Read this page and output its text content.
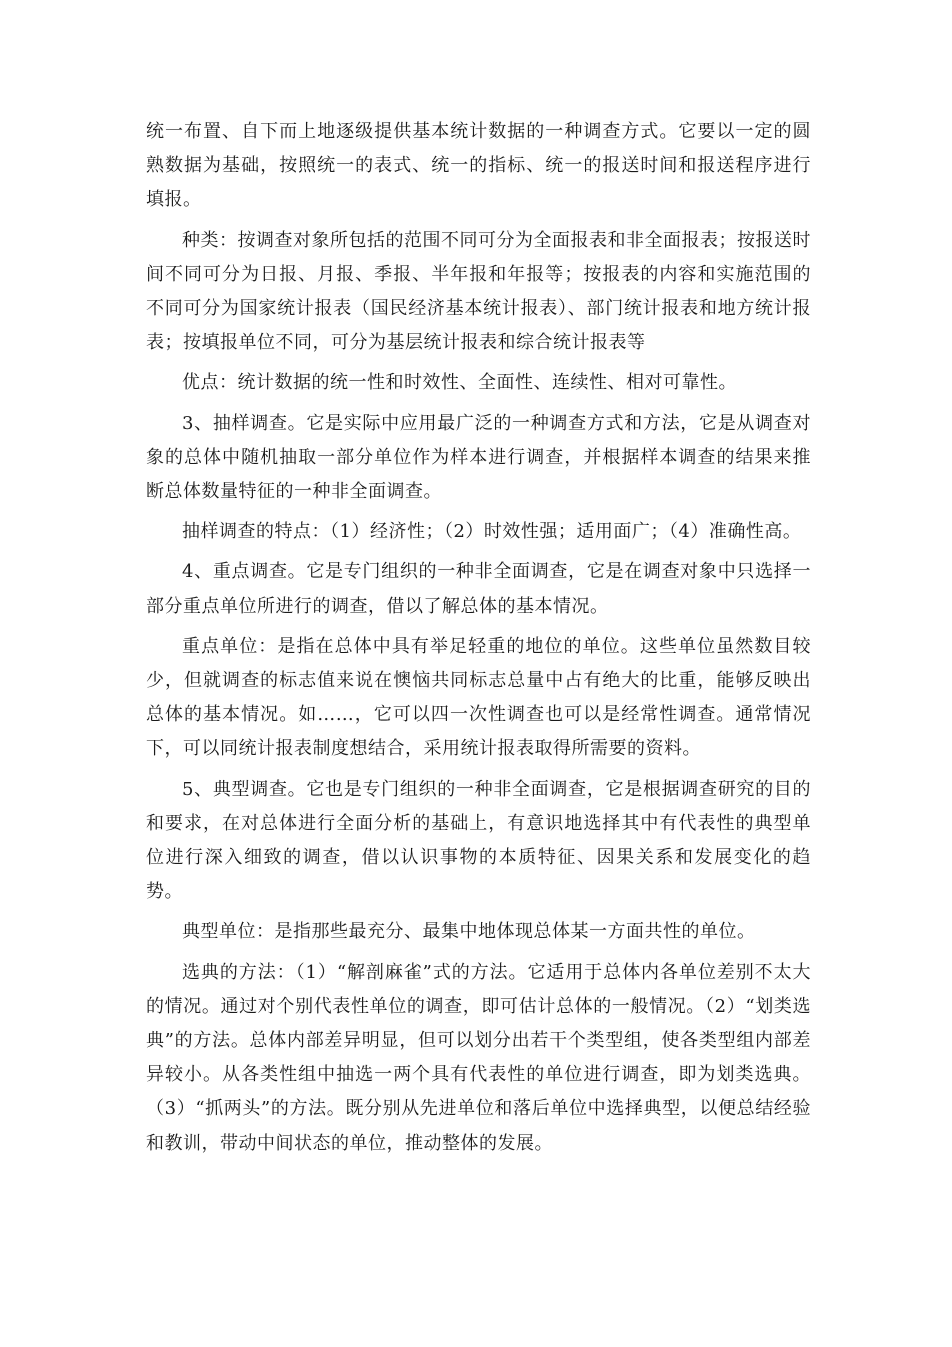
统一布置、自下而上地逐级提供基本统计数据的一种调查方式。它要以一定的圆熟数据为基础，按照统一的表式、统一的指标、统一的报送时间和报送程序进行填报。

种类：按调查对象所包括的范围不同可分为全面报表和非全面报表；按报送时间不同可分为日报、月报、季报、半年报和年报等；按报表的内容和实施范围的不同可分为国家统计报表（国民经济基本统计报表）、部门统计报表和地方统计报表；按填报单位不同，可分为基层统计报表和综合统计报表等

优点：统计数据的统一性和时效性、全面性、连续性、相对可靠性。

3、抽样调查。它是实际中应用最广泛的一种调查方式和方法，它是从调查对象的总体中随机抽取一部分单位作为样本进行调查，并根据样本调查的结果来推断总体数量特征的一种非全面调查。

抽样调查的特点：（1）经济性；（2）时效性强；适用面广；（4）准确性高。

4、重点调查。它是专门组织的一种非全面调查，它是在调查对象中只选择一部分重点单位所进行的调查，借以了解总体的基本情况。

重点单位：是指在总体中具有举足轻重的地位的单位。这些单位虽然数目较少，但就调查的标志值来说在懊恼共同标志总量中占有绝大的比重，能够反映出总体的基本情况。如……，它可以四一次性调查也可以是经常性调查。通常情况下，可以同统计报表制度想结合，采用统计报表取得所需要的资料。

5、典型调查。它也是专门组织的一种非全面调查，它是根据调查研究的目的和要求，在对总体进行全面分析的基础上，有意识地选择其中有代表性的典型单位进行深入细致的调查，借以认识事物的本质特征、因果关系和发展变化的趋势。

典型单位：是指那些最充分、最集中地体现总体某一方面共性的单位。

选典的方法：（1）“解剖麻雀”式的方法。它适用于总体内各单位差别不太大的情况。通过对个别代表性单位的调查，即可估计总体的一般情况。（2）“划类选典”的方法。总体内部差异明显，但可以划分出若干个类型组，使各类型组内部差异较小。从各类性组中抽选一两个具有代表性的单位进行调查，即为划类选典。（3）“抓两头”的方法。既分别从先进单位和落后单位中选择典型，以便总结经验和教训，带动中间状态的单位，推动整体的发展。
